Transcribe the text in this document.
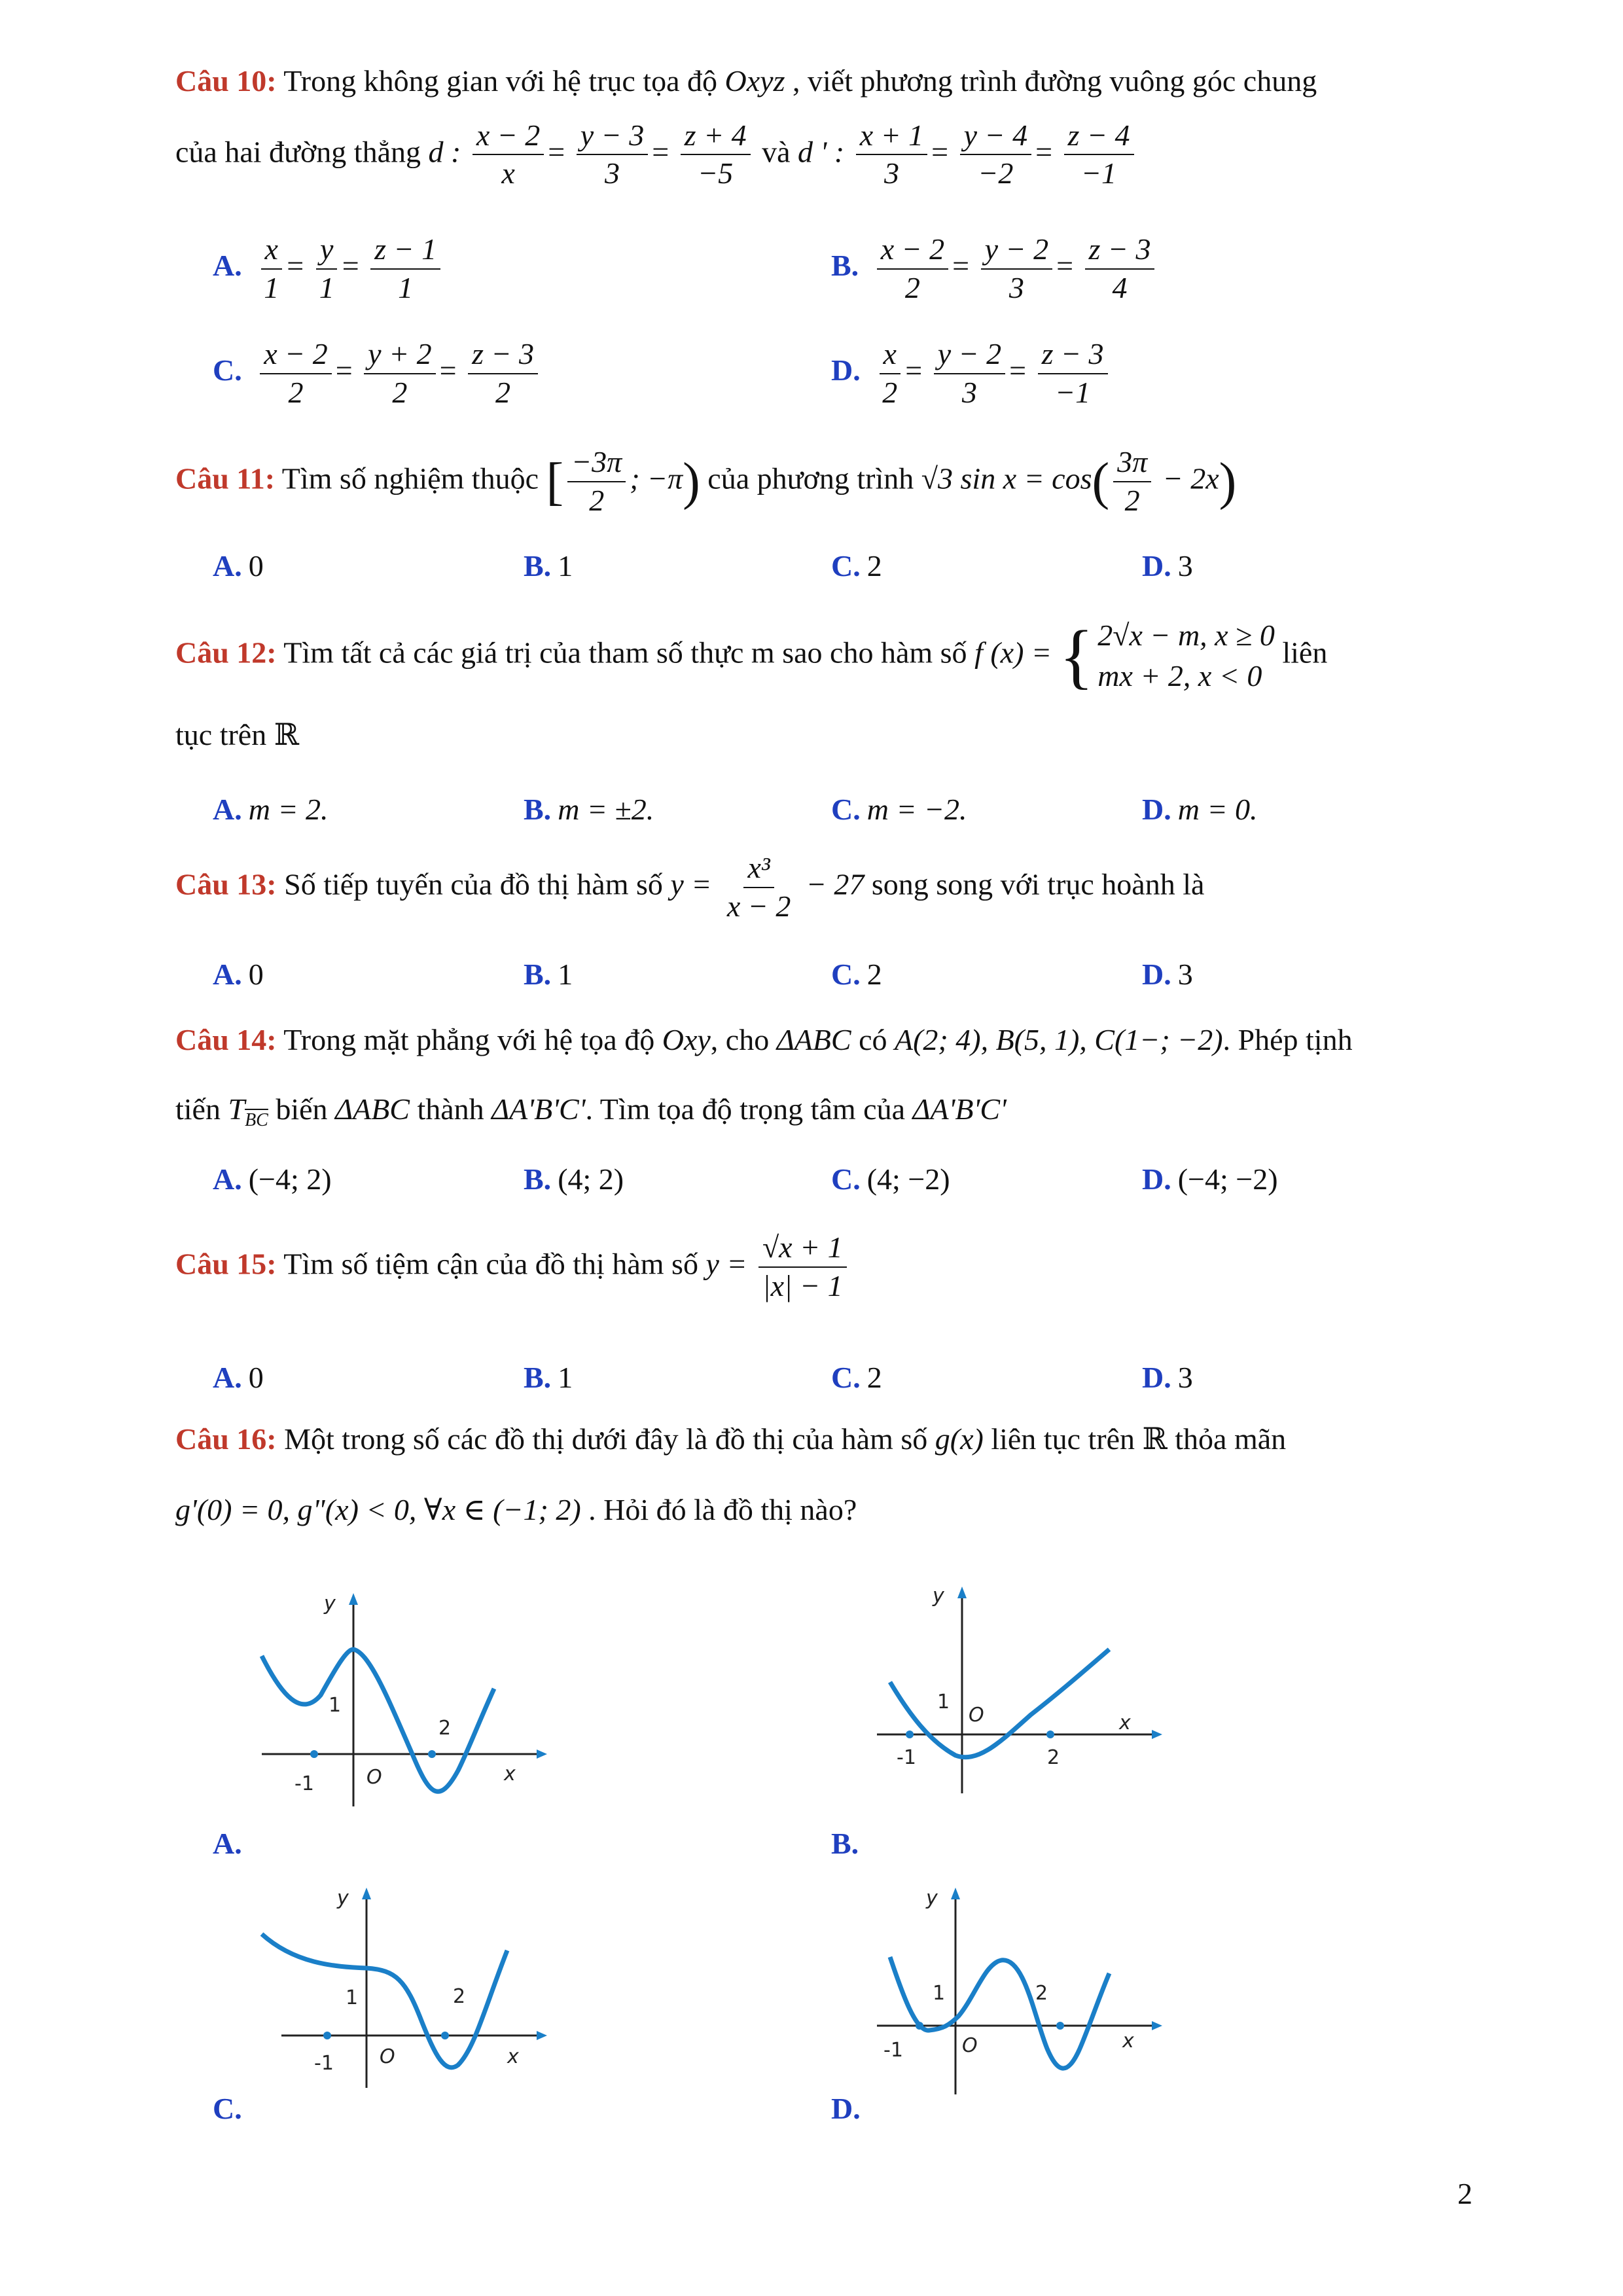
Câu 10: Trong không gian với hệ trục tọa độ Oxyz , viết phương trình đường vuông góc chung
của hai đường thẳng d : $\frac{x - 2}{x} = \frac{y - 3}{3} = \frac{z + 4}{-5}$ và d ' : $\frac{x + 1}{3} = \frac{y - 4}{-2} = \frac{z - 4}{-1}$
A. $\frac{x}{1} = \frac{y}{1} = \frac{z - 1}{1}$	B. $\frac{x - 2}{2} = \frac{y - 2}{3} = \frac{z - 3}{4}$
C. $\frac{x - 2}{2} = \frac{y + 2}{2} = \frac{z - 3}{2}$	D. $\frac{x}{2} = \frac{y - 2}{3} = \frac{z - 3}{-1}$
Câu 11: Tìm số nghiệm thuộc [ $\frac{-3\pi}{2}$ ; −π) của phương trình √3 $\sin x = \cos( \frac{3\pi}{2} - 2x)$
A. 0	B. 1	C. 2	D. 3
Câu 12: Tìm tất cả các giá trị của tham số thực m sao cho hàm số f (x) = { 2√x − m, x ≥ 0
mx + 2, x < 0
liên
tục trên ℝ
A. m = 2.	B. m = ±2.	C. m = −2.	D. m = 0.
Câu 13: Số tiếp tuyến của đồ thị hàm số $y = \frac{\text{x³}}{x - 2} - 27$ song song với trục hoành là
A. 0	B. 1	C. 2	D. 3
Câu 14: Trong mặt phẳng với hệ tọa độ Oxy, cho ΔABC có A(2; 4), B(5, 1), C(1−; −2). Phép tịnh
tiến $T_{\overline{BC}}$ biến ΔABC thành ΔA'B'C'. Tìm tọa độ trọng tâm của ΔA'B'C'
A. (−4; 2)	B. (4; 2)	C. (4; −2)	D. (−4; −2)
Câu 15: Tìm số tiệm cận của đồ thị hàm số $y = \frac{√x + 1}{|x| - 1}$
A. 0	B. 1	C. 2	D. 3
Câu 16: Một trong số các đồ thị dưới đây là đồ thị của hàm số g(x) liên tục trên ℝ thỏa mãn
g'(0) = 0, g"(x) < 0, ∀x ∈ (−1; 2) . Hỏi đó là đồ thị nào?
y
x
O
1
2
-1
A.
y
x
O
1
2
-1
B.
y
x
O
1	2
-1
C.
y
x
O
1	2
-1
D.
2
